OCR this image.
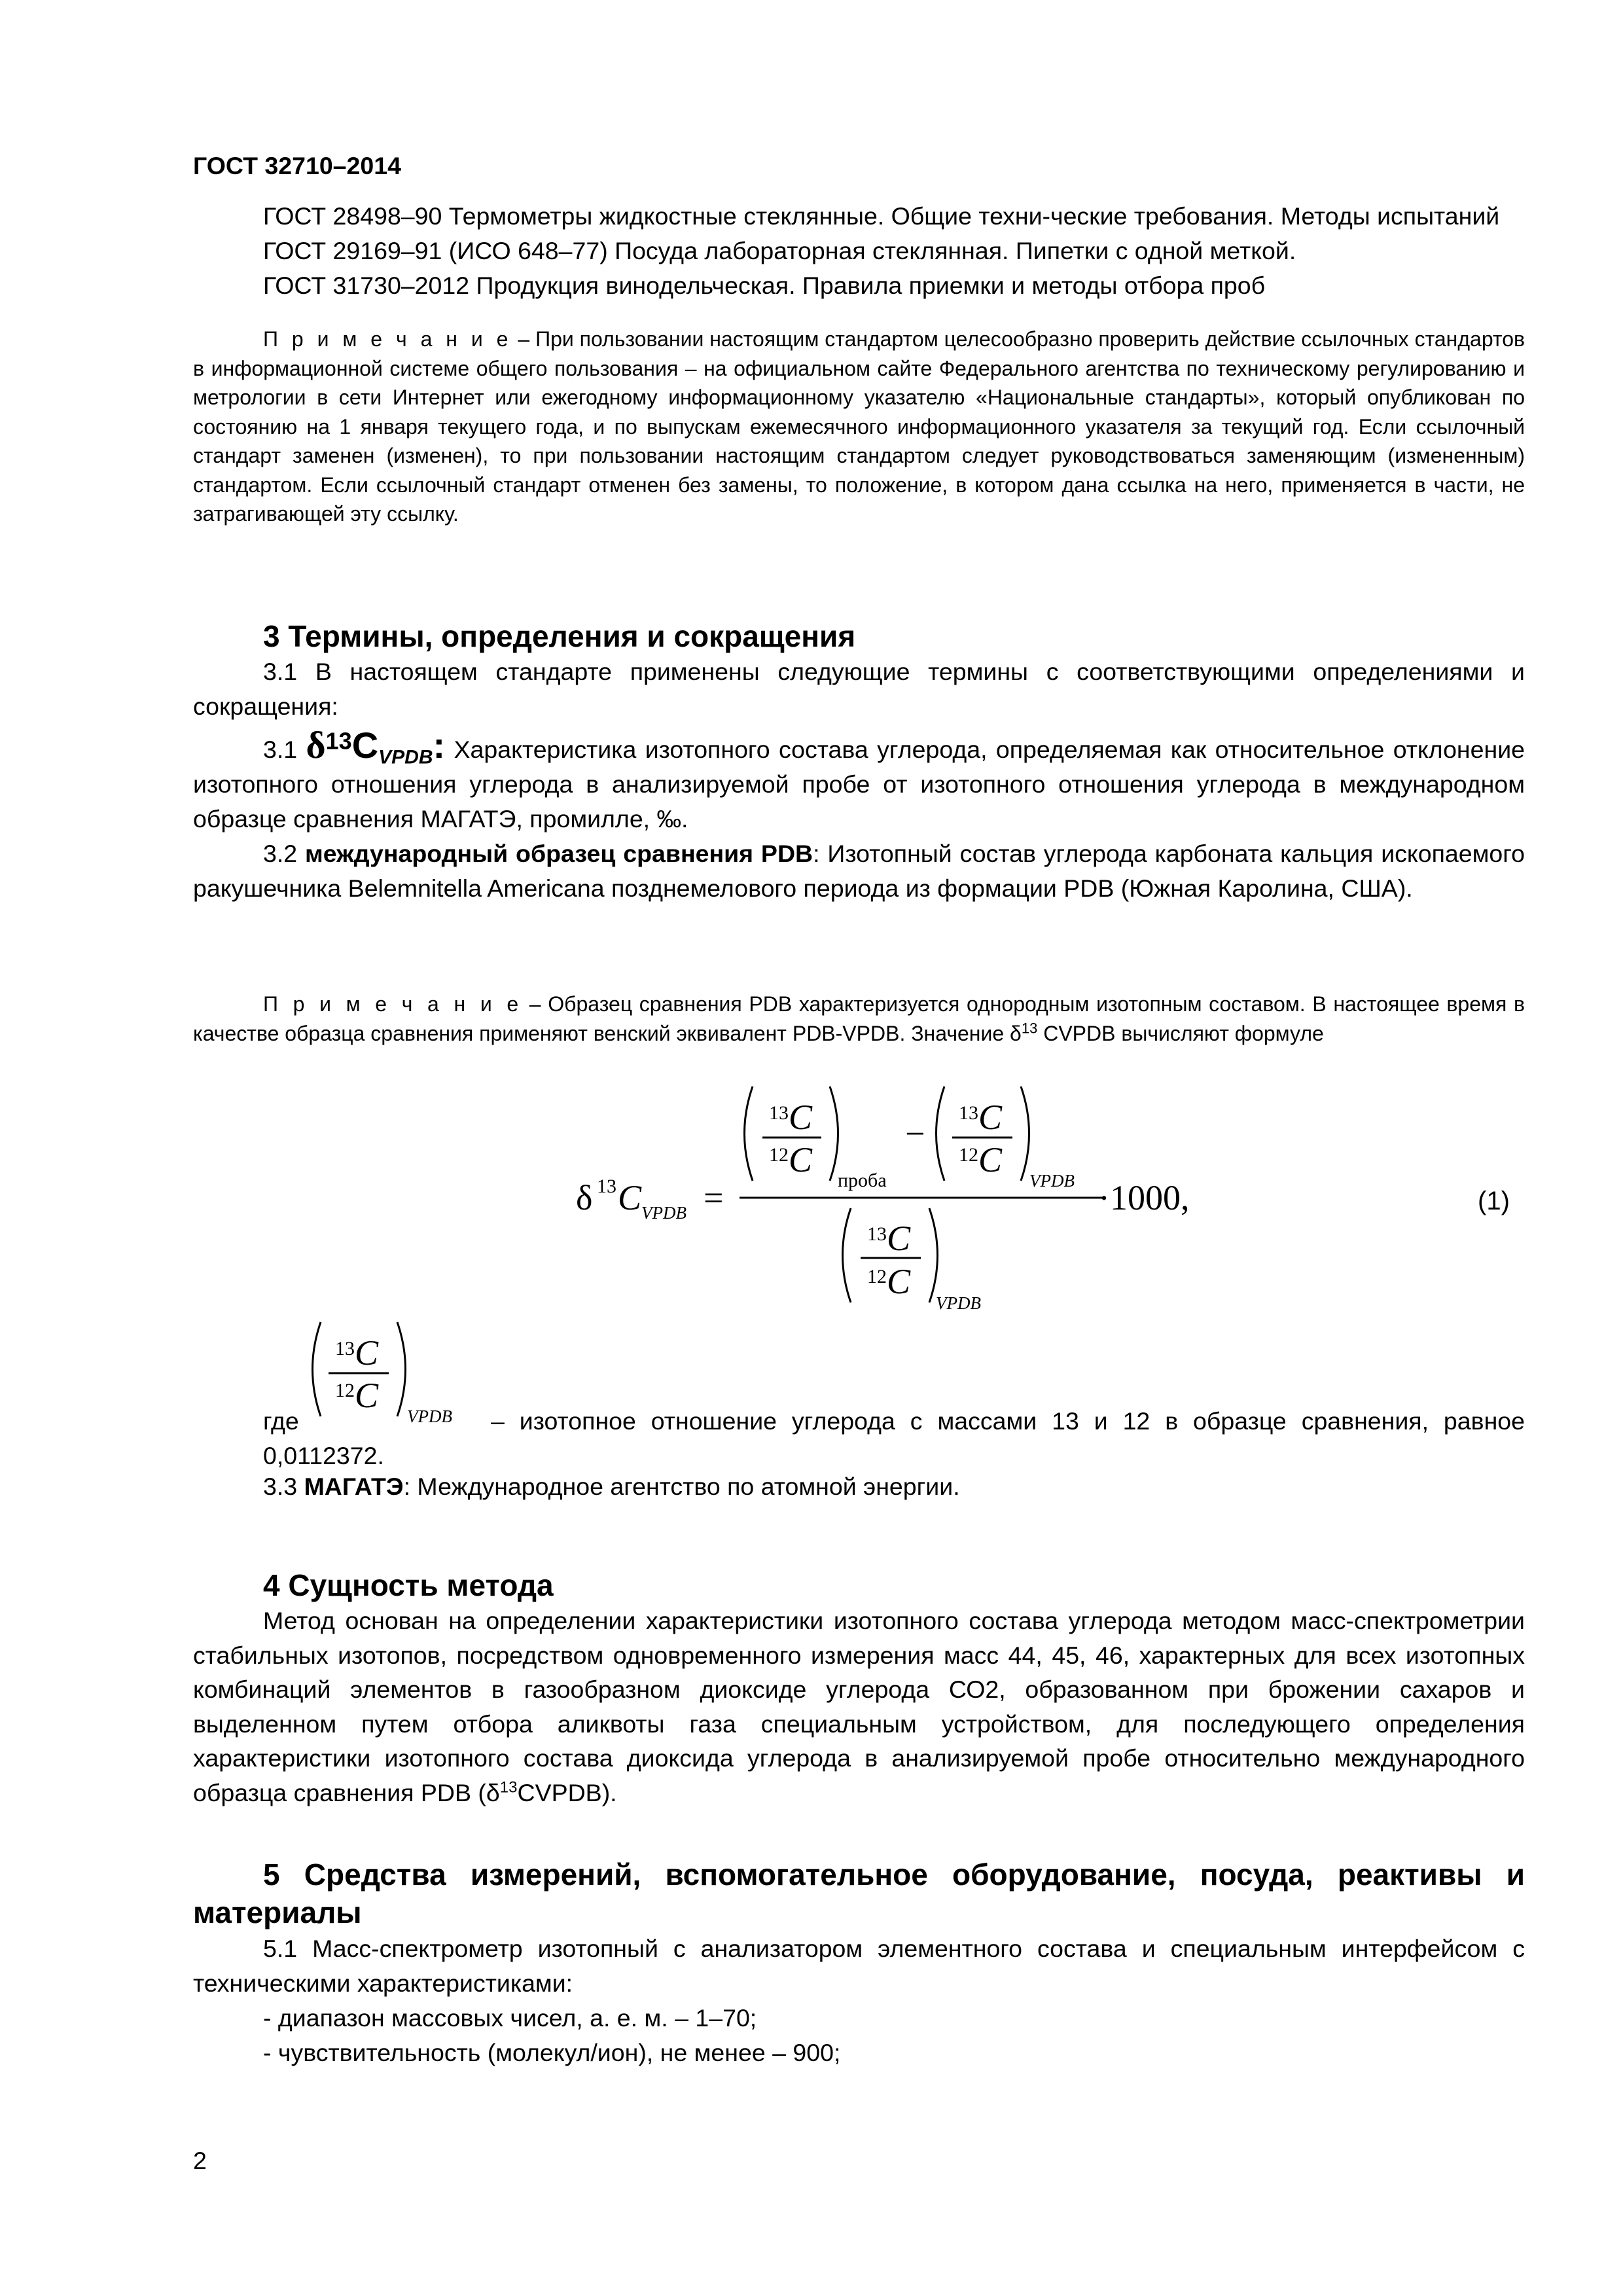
ГОСТ 32710–2014

ГОСТ 28498–90 Термометры жидкостные стеклянные. Общие техни-ческие требования. Методы испытаний

ГОСТ 29169–91 (ИСО 648–77) Посуда лабораторная стеклянная. Пипетки с одной меткой.

ГОСТ 31730–2012 Продукция винодельческая. Правила приемки и методы отбора проб

П р и м е ч а н и е – При пользовании настоящим стандартом целесообразно проверить действие ссылочных стандартов в информационной системе общего пользования – на официальном сайте Федерального агентства по техническому регулированию и метрологии в сети Интернет или ежегодному информационному указателю «Национальные стандарты», который опубликован по состоянию на 1 января текущего года, и по выпускам ежемесячного информационного указателя за текущий год. Если ссылочный стандарт заменен (изменен), то при пользовании настоящим стандартом следует руководствоваться заменяющим (измененным) стандартом. Если ссылочный стандарт отменен без замены, то положение, в котором дана ссылка на него, применяется в части, не затрагивающей эту ссылку.

3 Термины, определения и сокращения

3.1 В настоящем стандарте применены следующие термины с соответствующими определениями и сокращения:

3.1 $\delta^{13}C_{VPDB}$: Характеристика изотопного состава углерода, определяемая как относительное отклонение изотопного отношения углерода в анализируемой пробе от изотопного отношения углерода в международном образце сравнения МАГАТЭ, промилле, ‰.

3.2 международный образец сравнения PDB: Изотопный состав углерода карбоната кальция ископаемого ракушечника Belemnitella Americana позднемелового периода из формации PDB (Южная Каролина, США).

П р и м е ч а н и е – Образец сравнения PDB характеризуется однородным изотопным составом. В настоящее время в качестве образца сравнения применяют венский эквивалент PDB-VPDB. Значение $\delta^{13}$ CVPDB вычисляют формуле

δ 13 C VPDB =
13 C
12 C
проба
−
13 C
12 C
VPDB ·1000,
13 C
12 C
VPDB
(1)
13 C
12 C
VPDB
где	– изотопное отношение углерода с массами 13 и 12 в образце сравнения, равное 0,0112372.
3.3 МАГАТЭ: Международное агентство по атомной энергии.
4 Сущность метода

Метод основан на определении характеристики изотопного состава углерода методом масс-спектрометрии стабильных изотопов, посредством одновременного измерения масс 44, 45, 46, характерных для всех изотопных комбинаций элементов в газообразном диоксиде углерода СО2, образованном при брожении сахаров и выделенном путем отбора аликвоты газа специальным устройством, для последующего определения характеристики изотопного состава диоксида углерода в анализируемой пробе относительно международного образца сравнения PDB $(\delta^{13}CVPDB)$.

5 Средства измерений, вспомогательное оборудование, посуда, реактивы и материалы

5.1 Масс-спектрометр изотопный с анализатором элементного состава и специальным интерфейсом с техническими характеристиками:

- диапазон массовых чисел, а. е. м. – 1–70;

- чувствительность (молекул/ион), не менее – 900;

2
